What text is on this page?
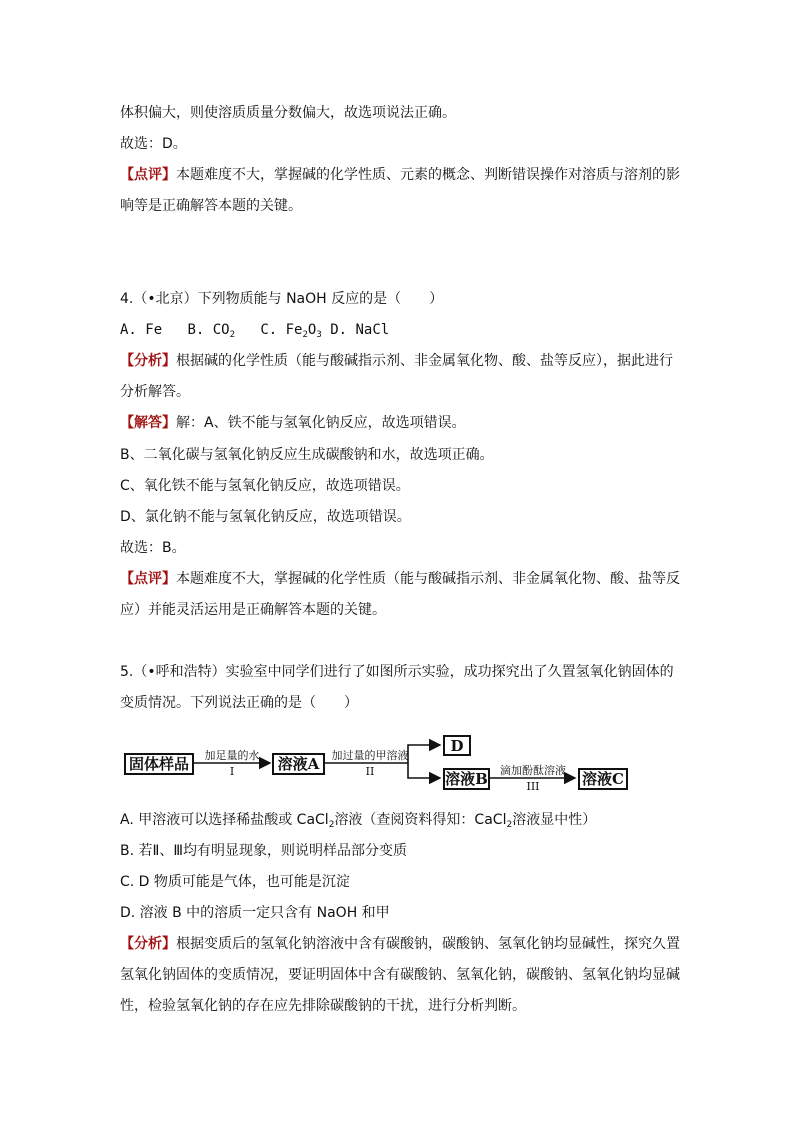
体积偏大，则使溶质质量分数偏大，故选项说法正确。
故选：D。
【点评】本题难度不大，掌握碱的化学性质、元素的概念、判断错误操作对溶质与溶剂的影
响等是正确解答本题的关键。
4.（•北京）下列物质能与 NaOH 反应的是（　　）
A. Fe B. $CO_2$ C. $Fe_2O_3$ D. NaCl
【分析】根据碱的化学性质（能与酸碱指示剂、非金属氧化物、酸、盐等反应），据此进行
分析解答。
【解答】解：A、铁不能与氢氧化钠反应，故选项错误。
B、二氧化碳与氢氧化钠反应生成碳酸钠和水，故选项正确。
C、氧化铁不能与氢氧化钠反应，故选项错误。
D、氯化钠不能与氢氧化钠反应，故选项错误。
故选：B。
【点评】本题难度不大，掌握碱的化学性质（能与酸碱指示剂、非金属氧化物、酸、盐等反
应）并能灵活运用是正确解答本题的关键。
5.（•呼和浩特）实验室中同学们进行了如图所示实验，成功探究出了久置氢氧化钠固体的
变质情况。下列说法正确的是（　　）
固体样品	加足量的水
I	溶液A	加过量的甲溶液
II
D
溶液B	滴加酚酞溶液
III	溶液C
A. 甲溶液可以选择稀盐酸或 CaCl$_2$溶液（查阅资料得知：CaCl$_2$溶液显中性）
B. 若Ⅱ、Ⅲ均有明显现象，则说明样品部分变质
C. D 物质可能是气体，也可能是沉淀
D. 溶液 B 中的溶质一定只含有 NaOH 和甲
【分析】根据变质后的氢氧化钠溶液中含有碳酸钠，碳酸钠、氢氧化钠均显碱性，探究久置
氢氧化钠固体的变质情况，要证明固体中含有碳酸钠、氢氧化钠，碳酸钠、氢氧化钠均显碱
性，检验氢氧化钠的存在应先排除碳酸钠的干扰，进行分析判断。
